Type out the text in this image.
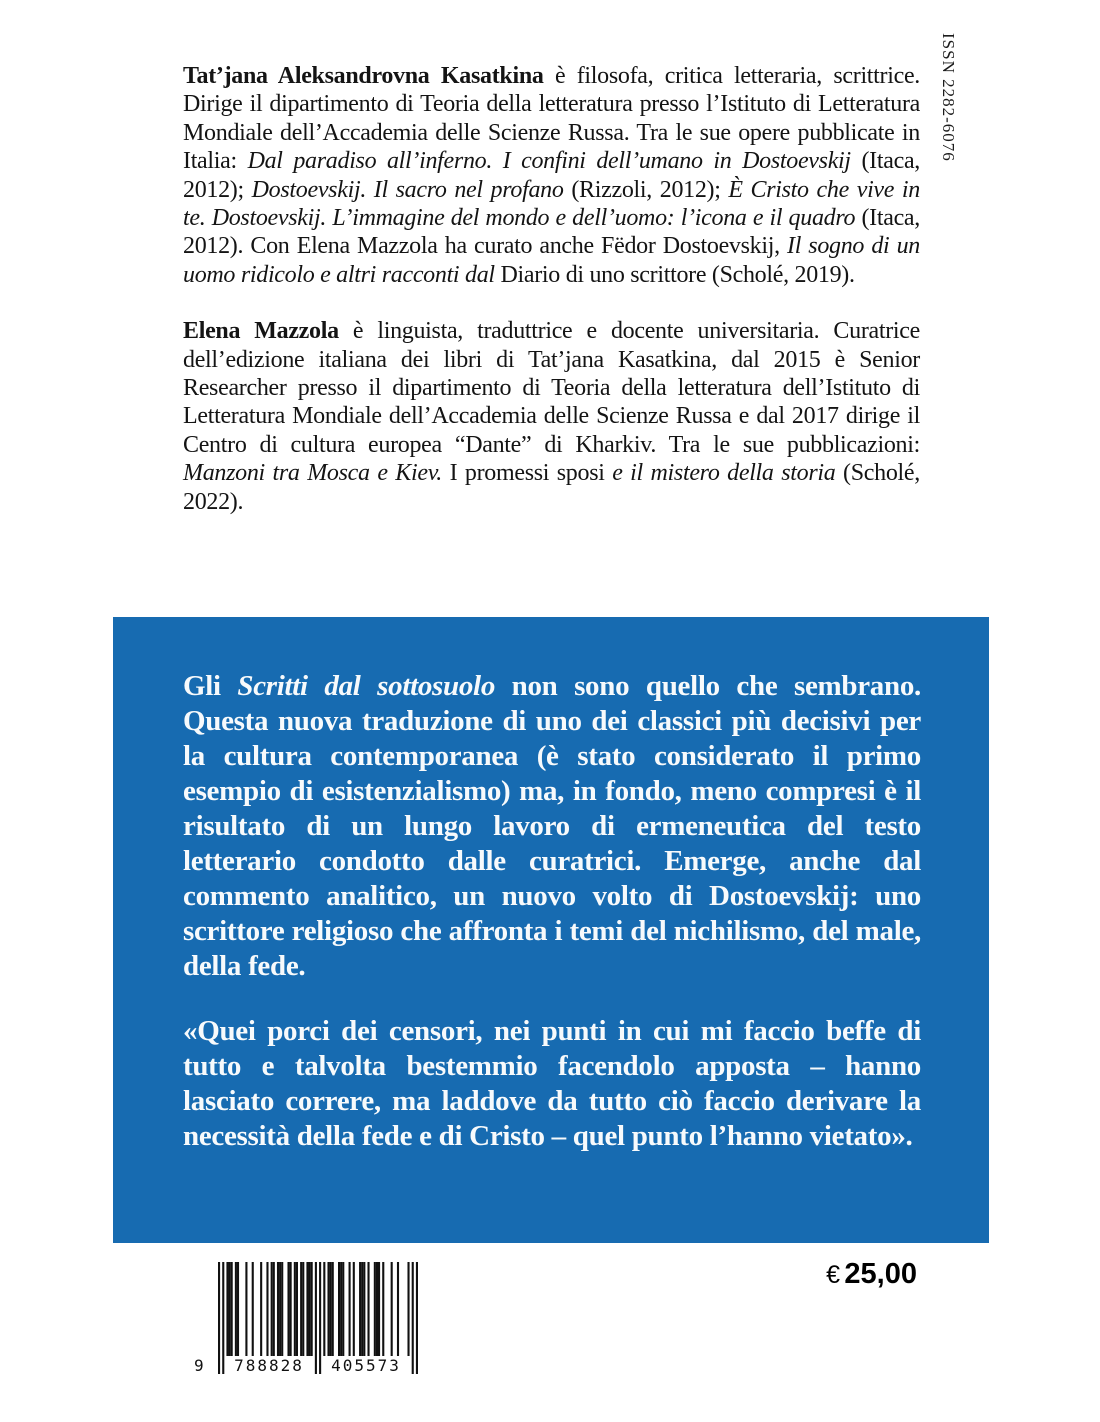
ISSN 2282-6076

Tat’jana Aleksandrovna Kasatkina è filosofa, critica letteraria, scrittrice. Dirige il dipartimento di Teoria della letteratura presso l’Istituto di Letteratura Mondiale dell’Accademia delle Scienze Russa. Tra le sue opere pubblicate in Italia: Dal paradiso all’inferno. I confini dell’umano in Dostoevskij (Itaca, 2012); Dostoevskij. Il sacro nel profano (Rizzoli, 2012); È Cristo che vive in te. Dostoevskij. L’immagine del mondo e dell’uomo: l’icona e il quadro (Itaca, 2012). Con Elena Mazzola ha curato anche Fëdor Dostoevskij, Il sogno di un uomo ridicolo e altri racconti dal Diario di uno scrittore (Scholé, 2019).

Elena Mazzola è linguista, traduttrice e docente universitaria. Curatrice dell’edizione italiana dei libri di Tat’jana Kasatkina, dal 2015 è Senior Researcher presso il dipartimento di Teoria della letteratura dell’Istituto di Letteratura Mondiale dell’Accademia delle Scienze Russa e dal 2017 dirige il Centro di cultura europea “Dante” di Kharkiv. Tra le sue pubblicazioni: Manzoni tra Mosca e Kiev. I promessi sposi e il mistero della storia (Scholé, 2022).

Gli Scritti dal sottosuolo non sono quello che sembrano. Questa nuova traduzione di uno dei classici più decisivi per la cultura contemporanea (è stato considerato il primo esempio di esistenzialismo) ma, in fondo, meno compresi è il risultato di un lungo lavoro di ermeneutica del testo letterario condotto dalle curatrici. Emerge, anche dal commento analitico, un nuovo volto di Dostoevskij: uno scrittore religioso che affronta i temi del nichilismo, del male, della fede.

«Quei porci dei censori, nei punti in cui mi faccio beffe di tutto e talvolta bestemmio facendolo apposta – hanno lasciato correre, ma laddove da tutto ciò faccio derivare la necessità della fede e di Cristo – quel punto l’hanno vietato».

9	788828	405573
€ 25,00
